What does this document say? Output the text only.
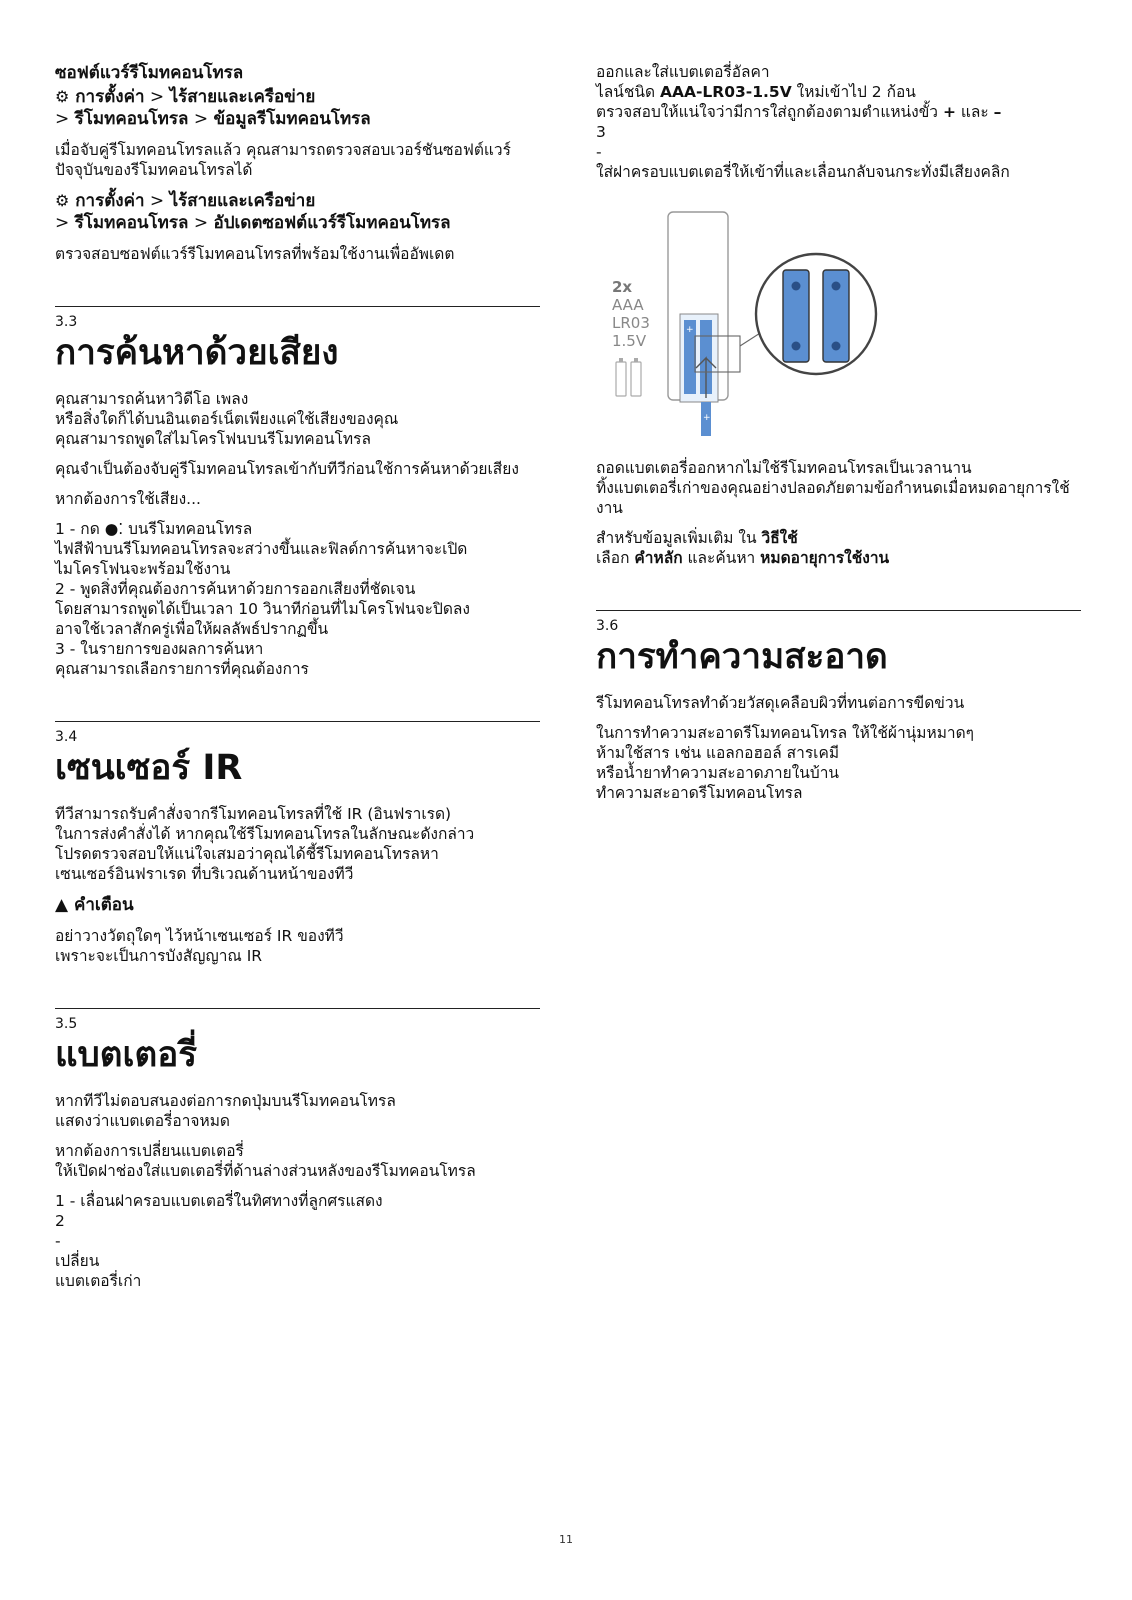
ซอฟต์แวร์รีโมทคอนโทรล

⚙ การตั้งค่า > ไร้สายและเครือข่าย
> รีโมทคอนโทรล > ข้อมูลรีโมทคอนโทรล

เมื่อจับคู่รีโมทคอนโทรลแล้ว คุณสามารถตรวจสอบเวอร์ชันซอฟต์แวร์ปัจจุบันของรีโมทคอนโทรลได้

⚙ การตั้งค่า > ไร้สายและเครือข่าย
> รีโมทคอนโทรล > อัปเดตซอฟต์แวร์รีโมทคอนโทรล

ตรวจสอบซอฟต์แวร์รีโมทคอนโทรลที่พร้อมใช้งานเพื่ออัพเดต

3.3

การค้นหาด้วยเสียง

คุณสามารถค้นหาวิดีโอ เพลง
หรือสิ่งใดก็ได้บนอินเตอร์เน็ตเพียงแค่ใช้เสียงของคุณ
คุณสามารถพูดใส่ไมโครโฟนบนรีโมทคอนโทรล

คุณจำเป็นต้องจับคู่รีโมทคอนโทรลเข้ากับทีวีก่อนใช้การค้นหาด้วยเสียง

หากต้องการใช้เสียง...

1 - กด ●⁚ บนรีโมทคอนโทรล
ไฟสีฟ้าบนรีโมทคอนโทรลจะสว่างขึ้นและฟิลด์การค้นหาจะเปิด
ไมโครโฟนจะพร้อมใช้งาน
2 - พูดสิ่งที่คุณต้องการค้นหาด้วยการออกเสียงที่ชัดเจน
โดยสามารถพูดได้เป็นเวลา 10 วินาทีก่อนที่ไมโครโฟนจะปิดลง
อาจใช้เวลาสักครู่เพื่อให้ผลลัพธ์ปรากฏขึ้น
3 - ในรายการของผลการค้นหา
คุณสามารถเลือกรายการที่คุณต้องการ

3.4

เซนเซอร์ IR

ทีวีสามารถรับคำสั่งจากรีโมทคอนโทรลที่ใช้ IR (อินฟราเรด)
ในการส่งคำสั่งได้ หากคุณใช้รีโมทคอนโทรลในลักษณะดังกล่าว
โปรดตรวจสอบให้แน่ใจเสมอว่าคุณได้ชี้รีโมทคอนโทรลหา
เซนเซอร์อินฟราเรด ที่บริเวณด้านหน้าของทีวี

▲ คำเตือน

อย่าวางวัตถุใดๆ ไว้หน้าเซนเซอร์ IR ของทีวี
เพราะจะเป็นการบังสัญญาณ IR

3.5

แบตเตอรี่

หากทีวีไม่ตอบสนองต่อการกดปุ่มบนรีโมทคอนโทรล
แสดงว่าแบตเตอรี่อาจหมด

หากต้องการเปลี่ยนแบตเตอรี่
ให้เปิดฝาช่องใส่แบตเตอรี่ที่ด้านล่างส่วนหลังของรีโมทคอนโทรล

1 - เลื่อนฝาครอบแบตเตอรี่ในทิศทางที่ลูกศรแสดง
2
-
เปลี่ยน
แบตเตอรี่เก่า

ออกและใส่แบตเตอรี่อัลคา
ไลน์ชนิด AAA-LR03-1.5V ใหม่เข้าไป 2 ก้อน
ตรวจสอบให้แน่ใจว่ามีการใส่ถูกต้องตามตำแหน่งขั้ว + และ –
3
-
ใส่ฝาครอบแบตเตอรี่ให้เข้าที่และเลื่อนกลับจนกระทั่งมีเสียงคลิก

2x
AAA
LR03
1.5V
+
+

ถอดแบตเตอรี่ออกหากไม่ใช้รีโมทคอนโทรลเป็นเวลานาน
ทิ้งแบตเตอรี่เก่าของคุณอย่างปลอดภัยตามข้อกำหนดเมื่อหมดอายุการใช้งาน

สำหรับข้อมูลเพิ่มเติม ใน วิธีใช้
เลือก คำหลัก และค้นหา หมดอายุการใช้งาน

3.6

การทำความสะอาด

รีโมทคอนโทรลทำด้วยวัสดุเคลือบผิวที่ทนต่อการขีดข่วน

ในการทำความสะอาดรีโมทคอนโทรล ให้ใช้ผ้านุ่มหมาดๆ
ห้ามใช้สาร เช่น แอลกอฮอล์ สารเคมี
หรือน้ำยาทำความสะอาดภายในบ้าน
ทำความสะอาดรีโมทคอนโทรล

11
